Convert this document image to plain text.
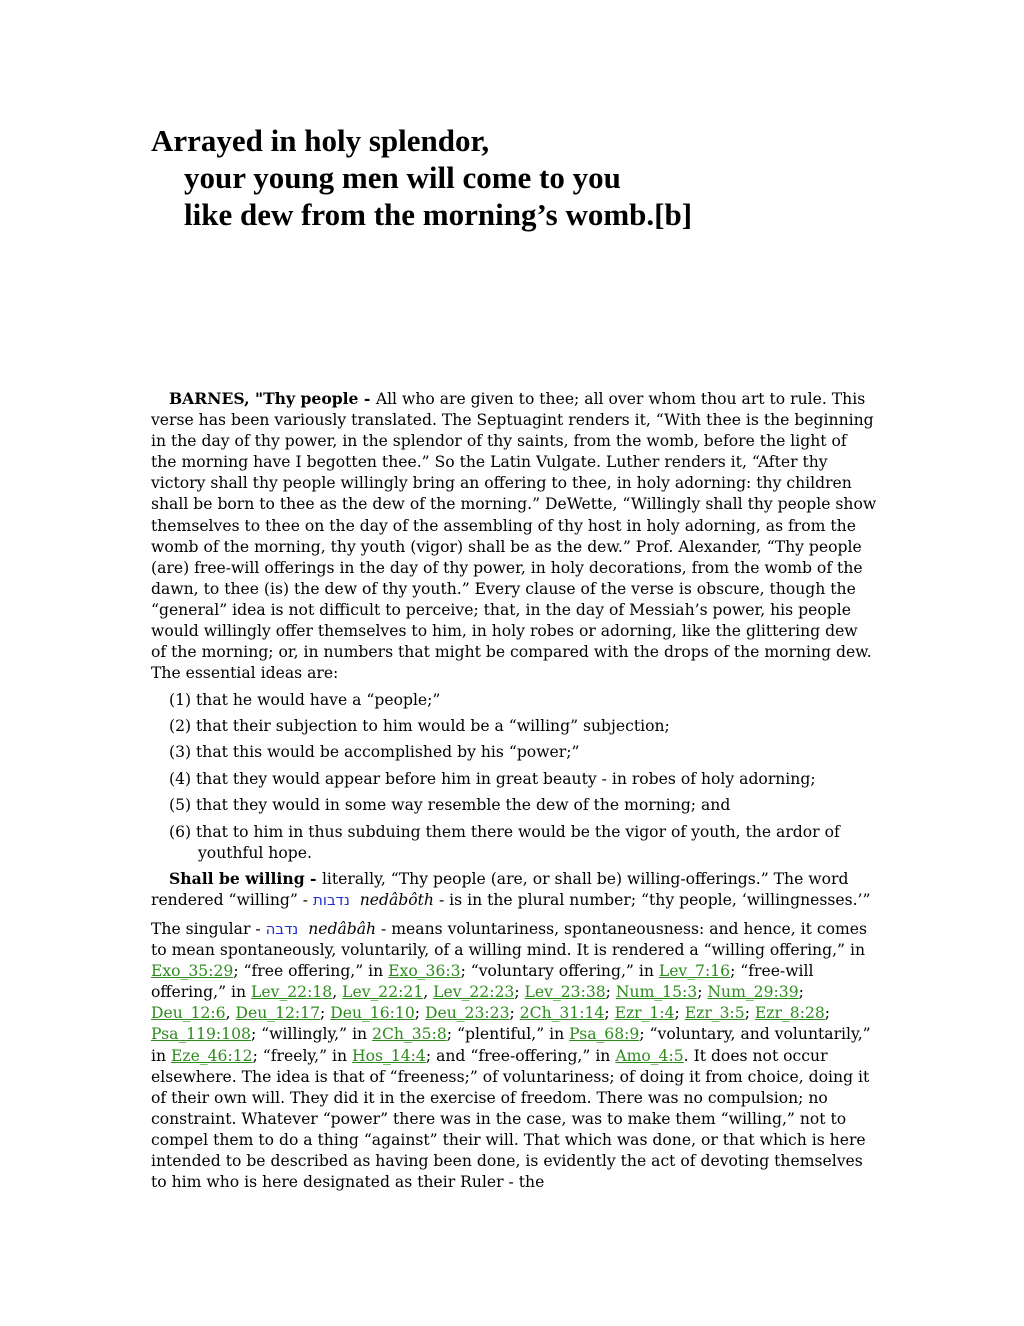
Arrayed in holy splendor,
your young men will come to you
like dew from the morning’s womb.[b]

BARNES, "Thy people - All who are given to thee; all over whom thou art to rule. This verse has been variously translated. The Septuagint renders it, “With thee is the beginning in the day of thy power, in the splendor of thy saints, from the womb, before the light of the morning have I begotten thee.” So the Latin Vulgate. Luther renders it, “After thy victory shall thy people willingly bring an offering to thee, in holy adorning: thy children shall be born to thee as the dew of the morning.” DeWette, “Willingly shall thy people show themselves to thee on the day of the assembling of thy host in holy adorning, as from the womb of the morning, thy youth (vigor) shall be as the dew.” Prof. Alexander, “Thy people (are) free-will offerings in the day of thy power, in holy decorations, from the womb of the dawn, to thee (is) the dew of thy youth.” Every clause of the verse is obscure, though the “general” idea is not difficult to perceive; that, in the day of Messiah’s power, his people would willingly offer themselves to him, in holy robes or adorning, like the glittering dew of the morning; or, in numbers that might be compared with the drops of the morning dew. The essential ideas are:

(1) that he would have a “people;”
(2) that their subjection to him would be a “willing” subjection;
(3) that this would be accomplished by his “power;”
(4) that they would appear before him in great beauty - in robes of holy adorning;
(5) that they would in some way resemble the dew of the morning; and
(6) that to him in thus subduing them there would be the vigor of youth, the ardor of youthful hope.

Shall be willing - literally, “Thy people (are, or shall be) willing-offerings.” The word rendered “willing” - נדבות nedâbôth - is in the plural number; “thy people, ‘willingnesses.’”

The singular - נדבה nedâbâh - means voluntariness, spontaneousness: and hence, it comes to mean spontaneously, voluntarily, of a willing mind. It is rendered a “willing offering,” in Exo_35:29; “free offering,” in Exo_36:3; “voluntary offering,” in Lev_7:16; “free-will offering,” in Lev_22:18, Lev_22:21, Lev_22:23; Lev_23:38; Num_15:3; Num_29:39; Deu_12:6, Deu_12:17; Deu_16:10; Deu_23:23; 2Ch_31:14; Ezr_1:4; Ezr_3:5; Ezr_8:28; Psa_119:108; “willingly,” in 2Ch_35:8; “plentiful,” in Psa_68:9; “voluntary, and voluntarily,” in Eze_46:12; “freely,” in Hos_14:4; and “free-offering,” in Amo_4:5. It does not occur elsewhere. The idea is that of “freeness;” of voluntariness; of doing it from choice, doing it of their own will. They did it in the exercise of freedom. There was no compulsion; no constraint. Whatever “power” there was in the case, was to make them “willing,” not to compel them to do a thing “against” their will. That which was done, or that which is here intended to be described as having been done, is evidently the act of devoting themselves to him who is here designated as their Ruler - the
